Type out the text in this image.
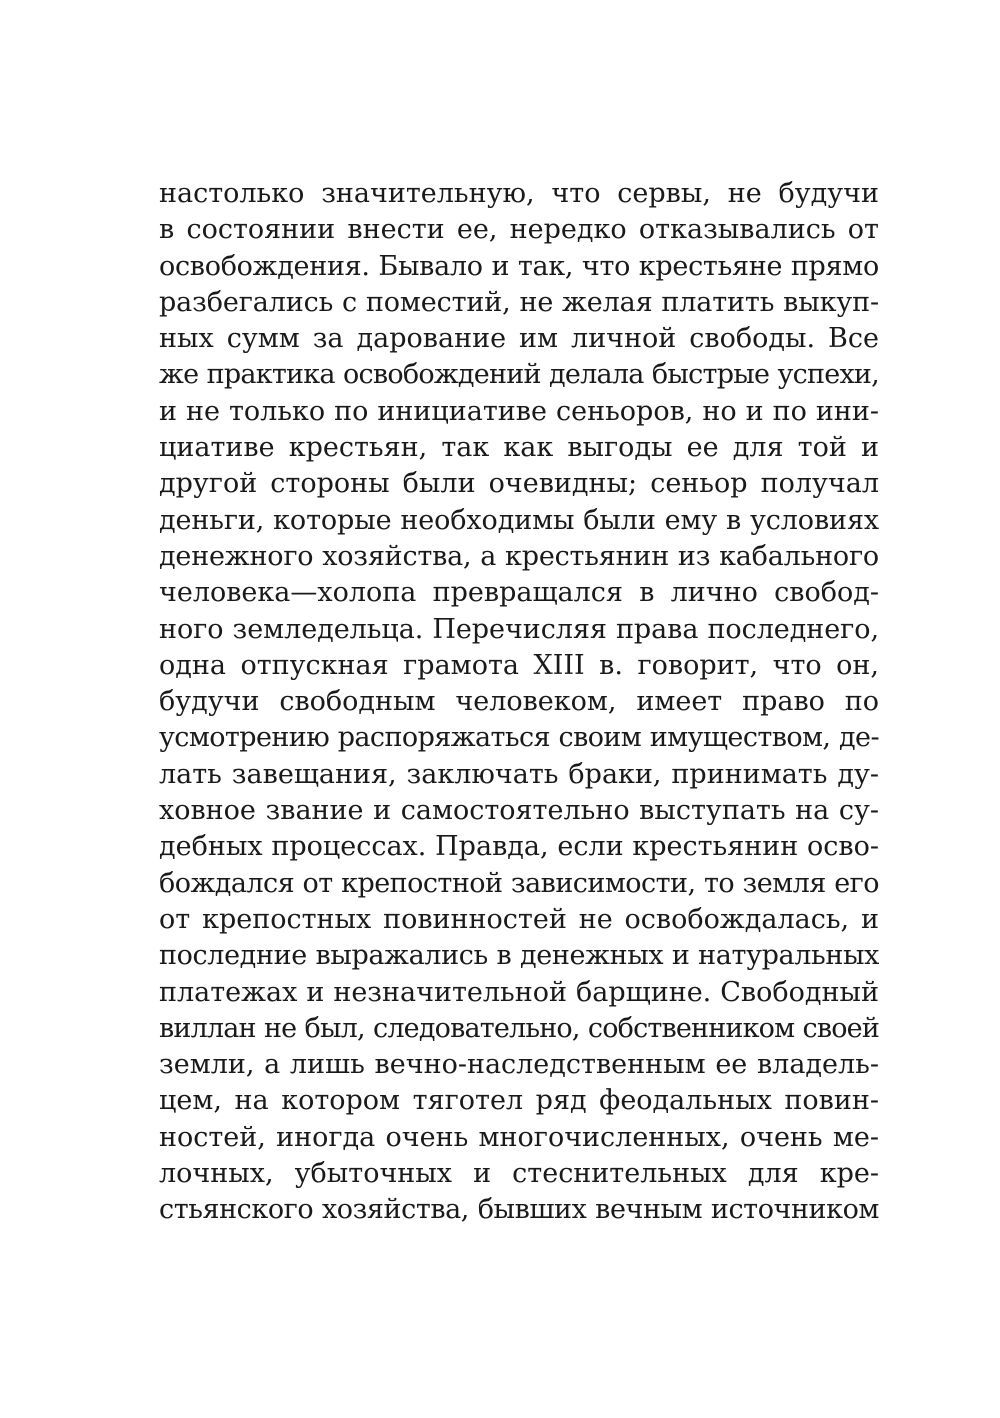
настолько значительную, что сервы, не будучи
в состоянии внести ее, нередко отказывались от
освобождения. Бывало и так, что крестьяне прямо
разбегались с поместий, не желая платить выкуп-
ных сумм за дарование им личной свободы. Все
же практика освобождений делала быстрые успехи,
и не только по инициативе сеньоров, но и по ини-
циативе крестьян, так как выгоды ее для той и
другой стороны были очевидны; сеньор получал
деньги, которые необходимы были ему в условиях
денежного хозяйства, а крестьянин из кабального
человека—холопа превращался в лично свобод-
ного земледельца. Перечисляя права последнего,
одна отпускная грамота XIII в. говорит, что он,
будучи свободным человеком, имеет право по
усмотрению распоряжаться своим имуществом, де-
лать завещания, заключать браки, принимать ду-
ховное звание и самостоятельно выступать на су-
дебных процессах. Правда, если крестьянин осво-
бождался от крепостной зависимости, то земля его
от крепостных повинностей не освобождалась, и
последние выражались в денежных и натуральных
платежах и незначительной барщине. Свободный
виллан не был, следовательно, собственником своей
земли, а лишь вечно-наследственным ее владель-
цем, на котором тяготел ряд феодальных повин-
ностей, иногда очень многочисленных, очень ме-
лочных, убыточных и стеснительных для кре-
стьянского хозяйства, бывших вечным источником
